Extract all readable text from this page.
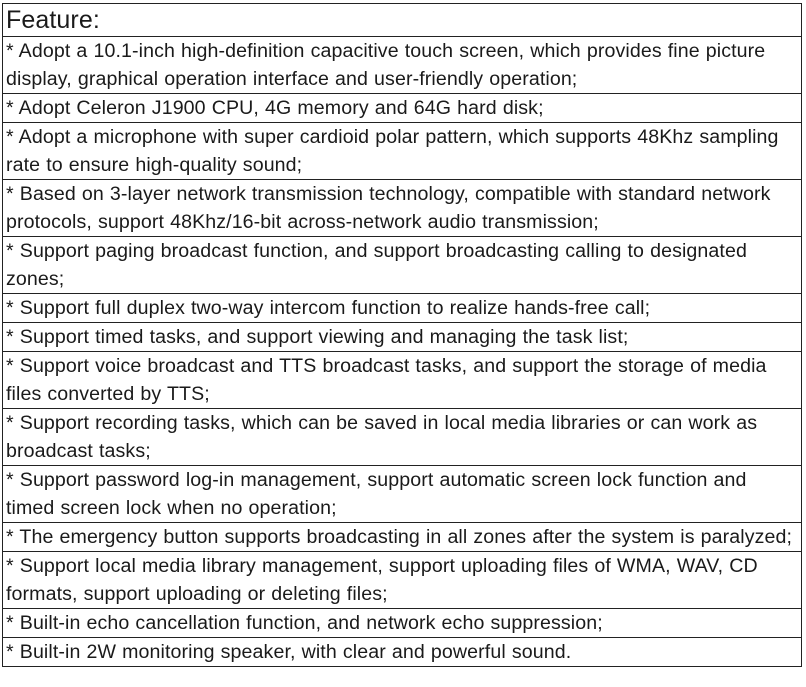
Feature:
* Adopt a 10.1-inch high-definition capacitive touch screen, which provides fine picture display, graphical operation interface and user-friendly operation;
* Adopt Celeron J1900 CPU, 4G memory and 64G hard disk;
* Adopt a microphone with super cardioid polar pattern, which supports 48Khz sampling rate to ensure high-quality sound;
* Based on 3-layer network transmission technology, compatible with standard network protocols, support 48Khz/16-bit across-network audio transmission;
* Support paging broadcast function, and support broadcasting calling to designated zones;
* Support full duplex two-way intercom function to realize hands-free call;
* Support timed tasks, and support viewing and managing the task list;
* Support voice broadcast and TTS broadcast tasks, and support the storage of media files converted by TTS;
* Support recording tasks, which can be saved in local media libraries or can work as broadcast tasks;
* Support password log-in management, support automatic screen lock function and timed screen lock when no operation;
* The emergency button supports broadcasting in all zones after the system is paralyzed;
* Support local media library management, support uploading files of WMA, WAV, CD formats, support uploading or deleting files;
* Built-in echo cancellation function, and network echo suppression;
* Built-in 2W monitoring speaker, with clear and powerful sound.
